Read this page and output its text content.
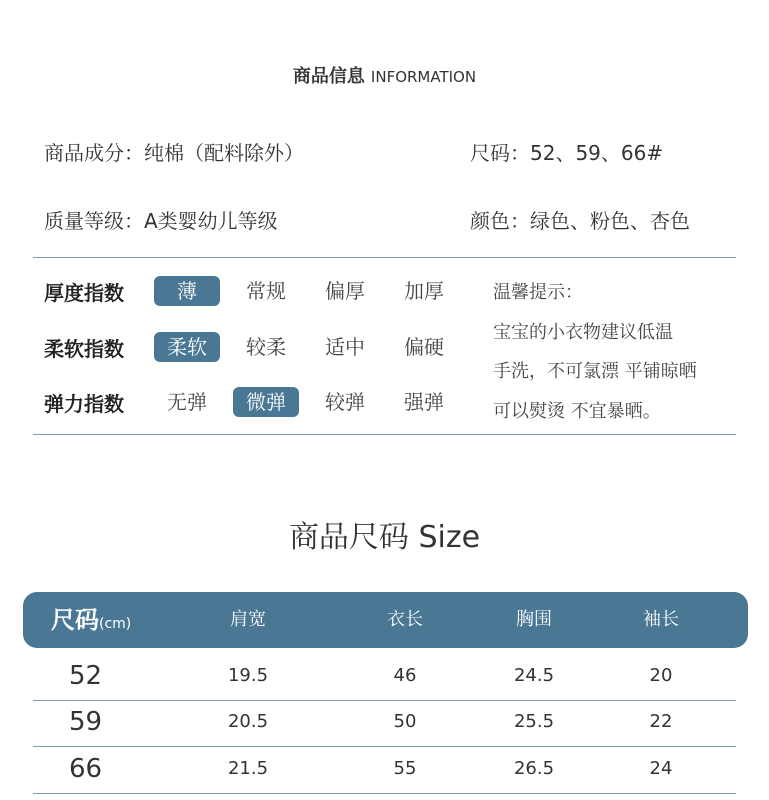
商品信息 INFORMATION
商品成分：纯棉（配料除外）	尺码：52、59、66#
质量等级：A类婴幼儿等级	颜色：绿色、粉色、杏色
厚度指数	薄	常规	偏厚	加厚
柔软指数	柔软	较柔	适中	偏硬
弹力指数	无弹	微弹	较弹	强弹
温馨提示：
宝宝的小衣物建议低温
手洗，不可氯漂 平铺晾晒
可以熨烫 不宜暴晒。
商品尺码 Size
尺码(cm)	肩宽	衣长	胸围	袖长
52	19.5	46	24.5	20
59	20.5	50	25.5	22
66	21.5	55	26.5	24
